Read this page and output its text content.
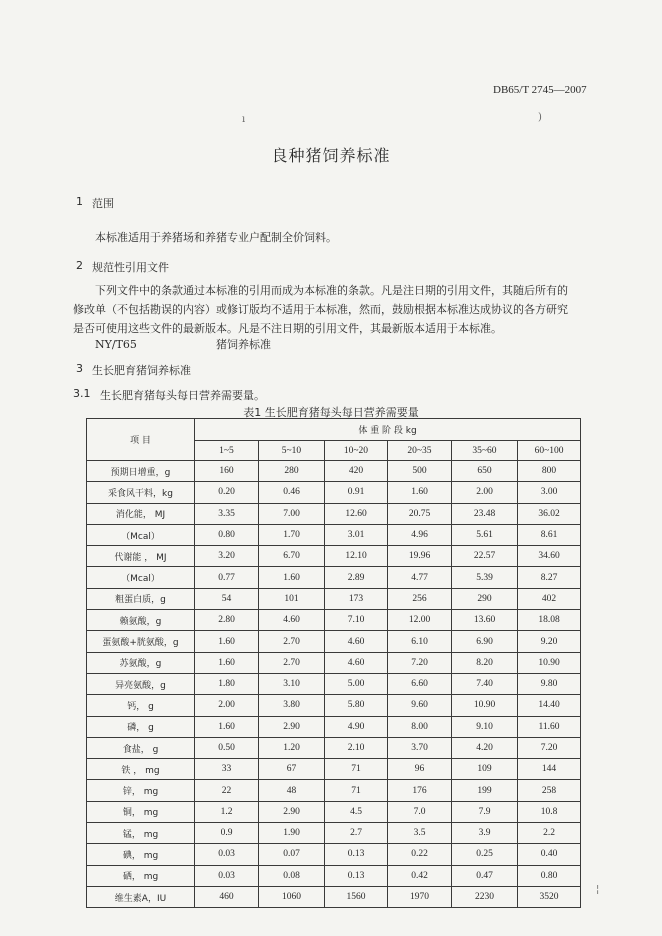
DB65/T 2745—2007
ı	)
良种猪饲养标准
1 范围
本标准适用于养猪场和养猪专业户配制全价饲料。
2 规范性引用文件
下列文件中的条款通过本标准的引用而成为本标准的条款。凡是注日期的引用文件，其随后所有的
修改单（不包括勘误的内容）或修订版均不适用于本标准，然而，鼓励根据本标准达成协议的各方研究
是否可使用这些文件的最新版本。凡是不注日期的引用文件，其最新版本适用于本标准。
NY/T65	猪饲养标准
3 生长肥育猪饲养标准
3.1 生长肥育猪每头每日营养需要量。
表1 生长肥育猪每头每日营养需要量
项 目	体 重 阶 段 kg					
	1~5	5~10	10~20	20~35	35~60	60~100
预期日增重，g	160	280	420	500	650	800
采食风干料，kg	0.20	0.46	0.91	1.60	2.00	3.00
消化能， MJ	3.35	7.00	12.60	20.75	23.48	36.02
（Mcal）	0.80	1.70	3.01	4.96	5.61	8.61
代谢能 ， MJ	3.20	6.70	12.10	19.96	22.57	34.60
（Mcal）	0.77	1.60	2.89	4.77	5.39	8.27
粗蛋白质，g	54	101	173	256	290	402
赖氨酸，g	2.80	4.60	7.10	12.00	13.60	18.08
蛋氨酸+胱氨酸，g	1.60	2.70	4.60	6.10	6.90	9.20
苏氨酸，g	1.60	2.70	4.60	7.20	8.20	10.90
异亮氨酸，g	1.80	3.10	5.00	6.60	7.40	9.80
钙， g	2.00	3.80	5.80	9.60	10.90	14.40
磷， g	1.60	2.90	4.90	8.00	9.10	11.60
食盐， g	0.50	1.20	2.10	3.70	4.20	7.20
铁 ， mg	33	67	71	96	109	144
锌， mg	22	48	71	176	199	258
铜， mg	1.2	2.90	4.5	7.0	7.9	10.8
锰， mg	0.9	1.90	2.7	3.5	3.9	2.2
碘， mg	0.03	0.07	0.13	0.22	0.25	0.40
硒， mg	0.03	0.08	0.13	0.42	0.47	0.80
维生素A，IU	460	1060	1560	1970	2230	3520
¦
